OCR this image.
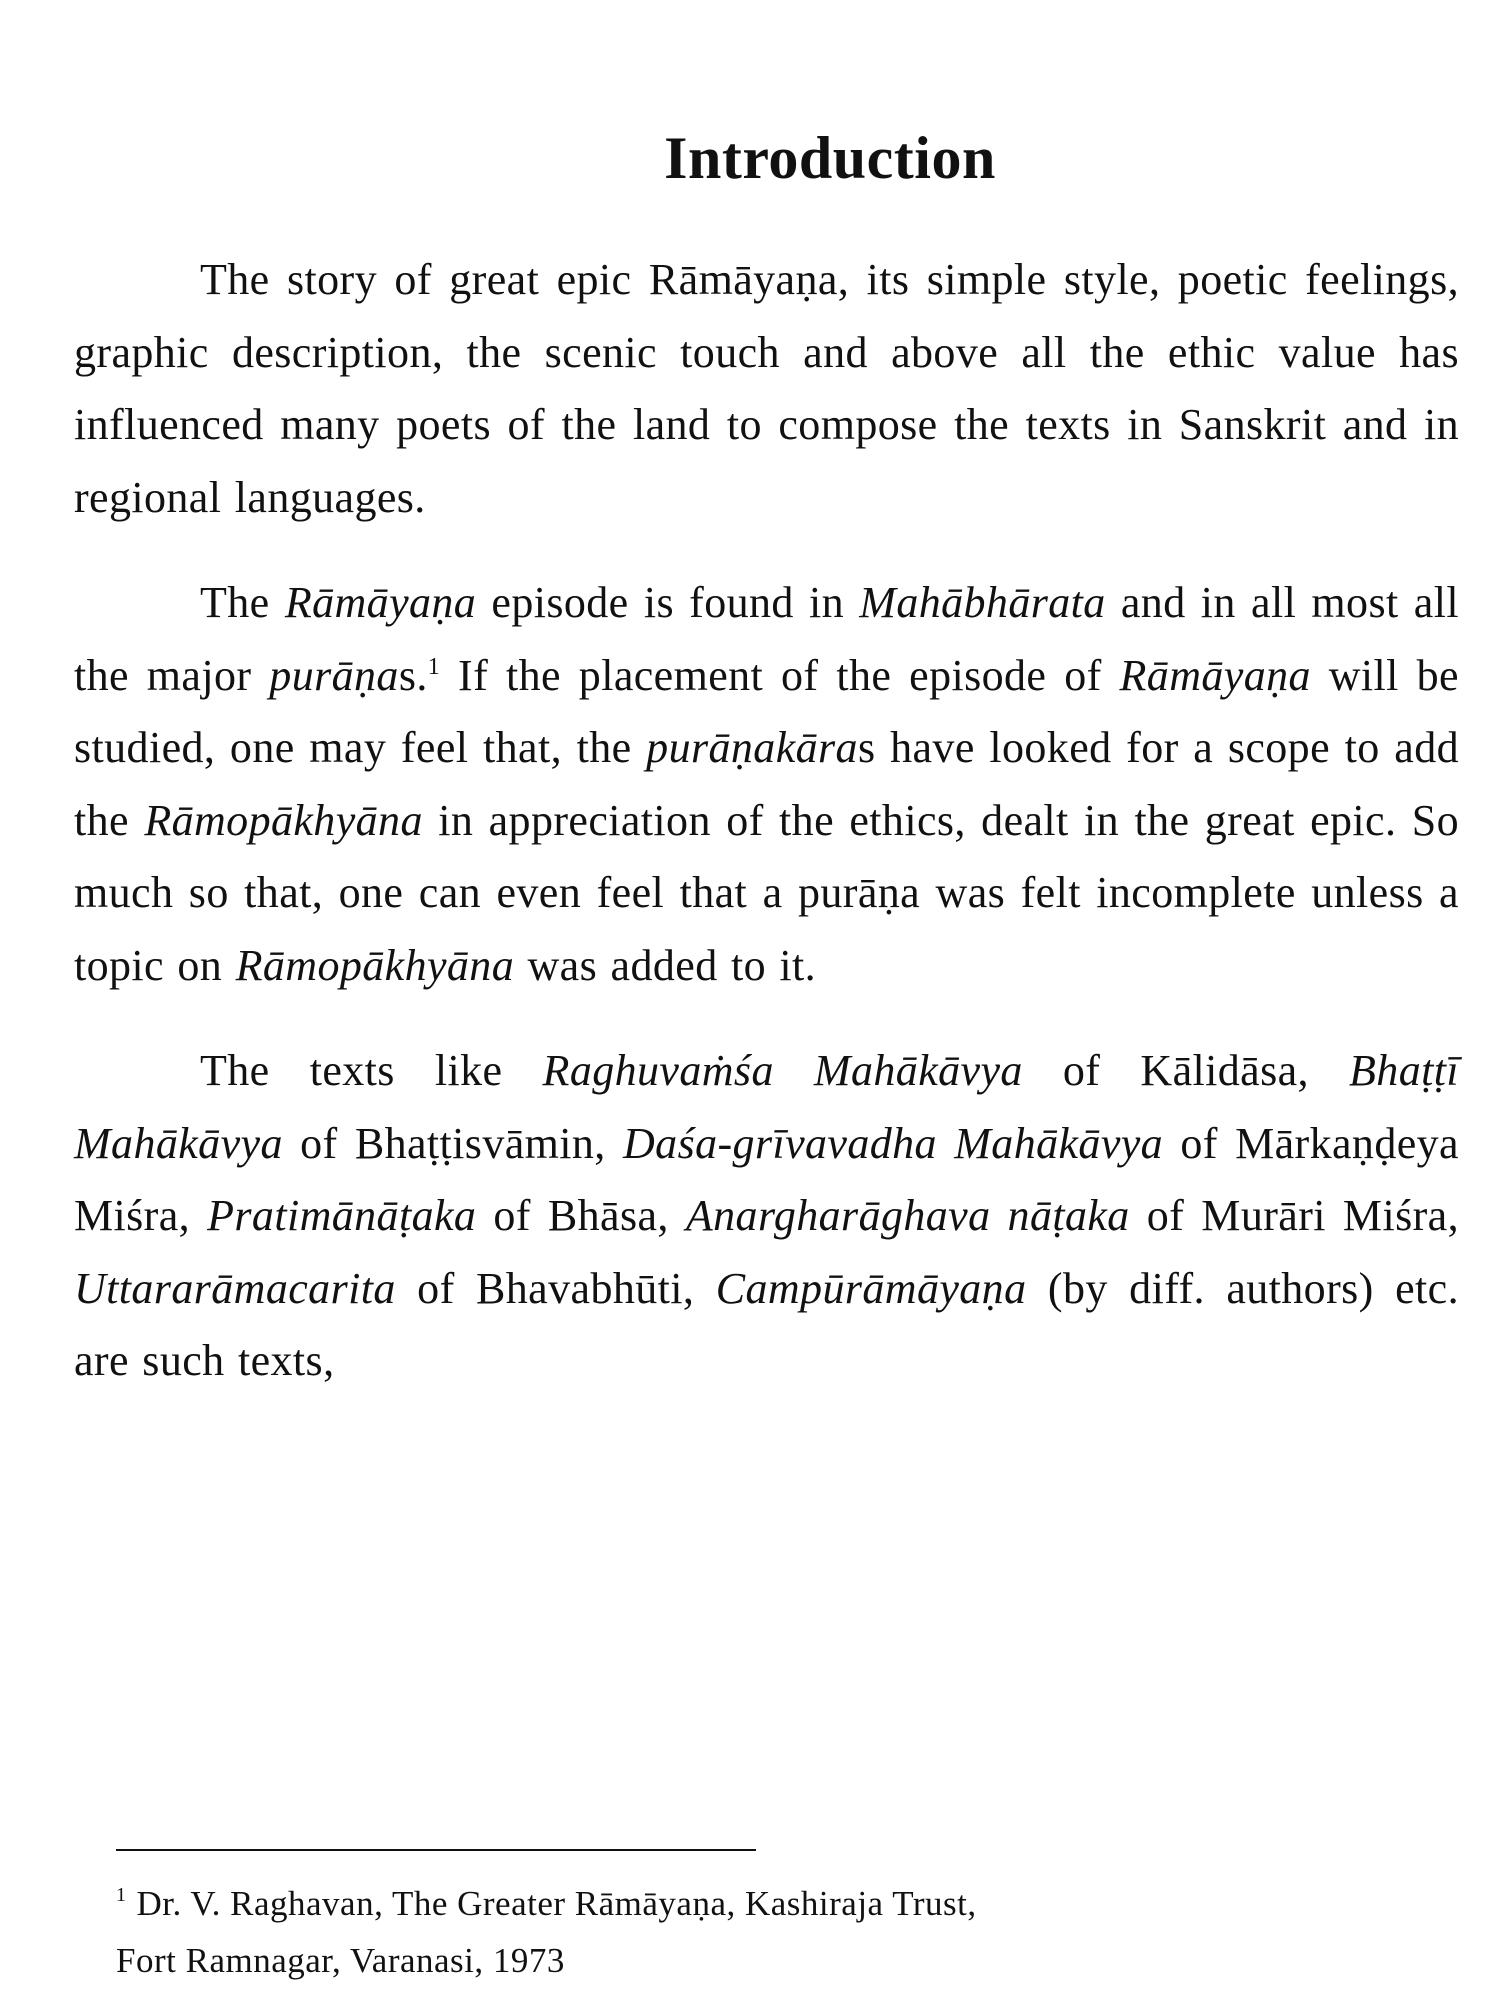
Introduction

The story of great epic Rāmāyaṇa, its simple style, poetic feelings, graphic description, the scenic touch and above all the ethic value has influenced many poets of the land to compose the texts in Sanskrit and in regional languages.

The Rāmāyaṇa episode is found in Mahābhārata and in all most all the major purāṇas.$^1$ If the placement of the episode of Rāmāyaṇa will be studied, one may feel that, the purāṇakāras have looked for a scope to add the Rāmopākhyāna in appreciation of the ethics, dealt in the great epic. So much so that, one can even feel that a purāṇa was felt incomplete unless a topic on Rāmopākhyāna was added to it.

The texts like Raghuvaṁśa Mahākāvya of Kālidāsa, Bhaṭṭī Mahākāvya of Bhaṭṭisvāmin, Daśa-grīvavadha Mahākāvya of Mārkaṇḍeya Miśra, Pratimānāṭaka of Bhāsa, Anargharāghava nāṭaka of Murāri Miśra, Uttararāmacarita of Bhavabhūti, Campūrāmāyaṇa (by diff. authors) etc. are such texts,

$^1$ Dr. V. Raghavan, The Greater Rāmāyaṇa, Kashiraja Trust,
Fort Ramnagar, Varanasi, 1973
